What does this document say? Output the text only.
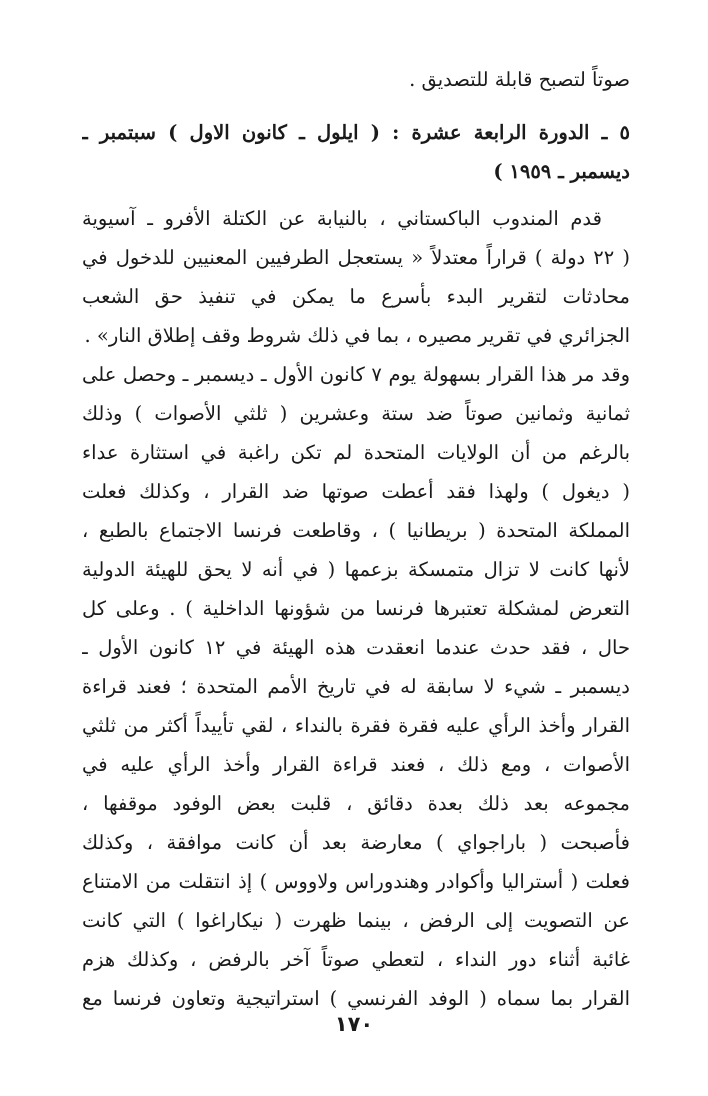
صوتاً لتصبح قابلة للتصديق .
٥ ـ الدورة الرابعة عشرة : ( ايلول ـ كانون الاول ) سبتمبر ـ
ديسمبر ـ ١٩٥٩ )
قدم المندوب الباكستاني ، بالنيابة عن الكتلة الأفرو ـ آسيوية
( ٢٢ دولة ) قراراً معتدلاً « يستعجل الطرفيين المعنيين للدخول في
محادثات لتقرير البدء بأسرع ما يمكن في تنفيذ حق الشعب
الجزائري في تقرير مصيره ، بما في ذلك شروط وقف إطلاق النار» .
وقد مر هذا القرار بسهولة يوم ٧ كانون الأول ـ ديسمبر ـ وحصل على
ثمانية وثمانين صوتاً ضد ستة وعشرين ( ثلثي الأصوات ) وذلك
بالرغم من أن الولايات المتحدة لم تكن راغبة في استثارة عداء
( ديغول ) ولهذا فقد أعطت صوتها ضد القرار ، وكذلك فعلت
المملكة المتحدة ( بريطانيا ) ، وقاطعت فرنسا الاجتماع بالطبع ،
لأنها كانت لا تزال متمسكة بزعمها ( في أنه لا يحق للهيئة الدولية
التعرض لمشكلة تعتبرها فرنسا من شؤونها الداخلية ) . وعلى كل
حال ، فقد حدث عندما انعقدت هذه الهيئة في ١٢ كانون الأول ـ
ديسمبر ـ شيء لا سابقة له في تاريخ الأمم المتحدة ؛ فعند قراءة
القرار وأخذ الرأي عليه فقرة فقرة بالنداء ، لقي تأييداً أكثر من ثلثي
الأصوات ، ومع ذلك ، فعند قراءة القرار وأخذ الرأي عليه في
مجموعه بعد ذلك بعدة دقائق ، قلبت بعض الوفود موقفها ،
فأصبحت ( باراجواي ) معارضة بعد أن كانت موافقة ، وكذلك
فعلت ( أستراليا وأكوادر وهندوراس ولاووس ) إذ انتقلت من الامتناع
عن التصويت إلى الرفض ، بينما ظهرت ( نيكاراغوا ) التي كانت
غائبة أثناء دور النداء ، لتعطي صوتاً آخر بالرفض ، وكذلك هزم
القرار بما سماه ( الوفد الفرنسي ) استراتيجية وتعاون فرنسا مع
١٧٠
